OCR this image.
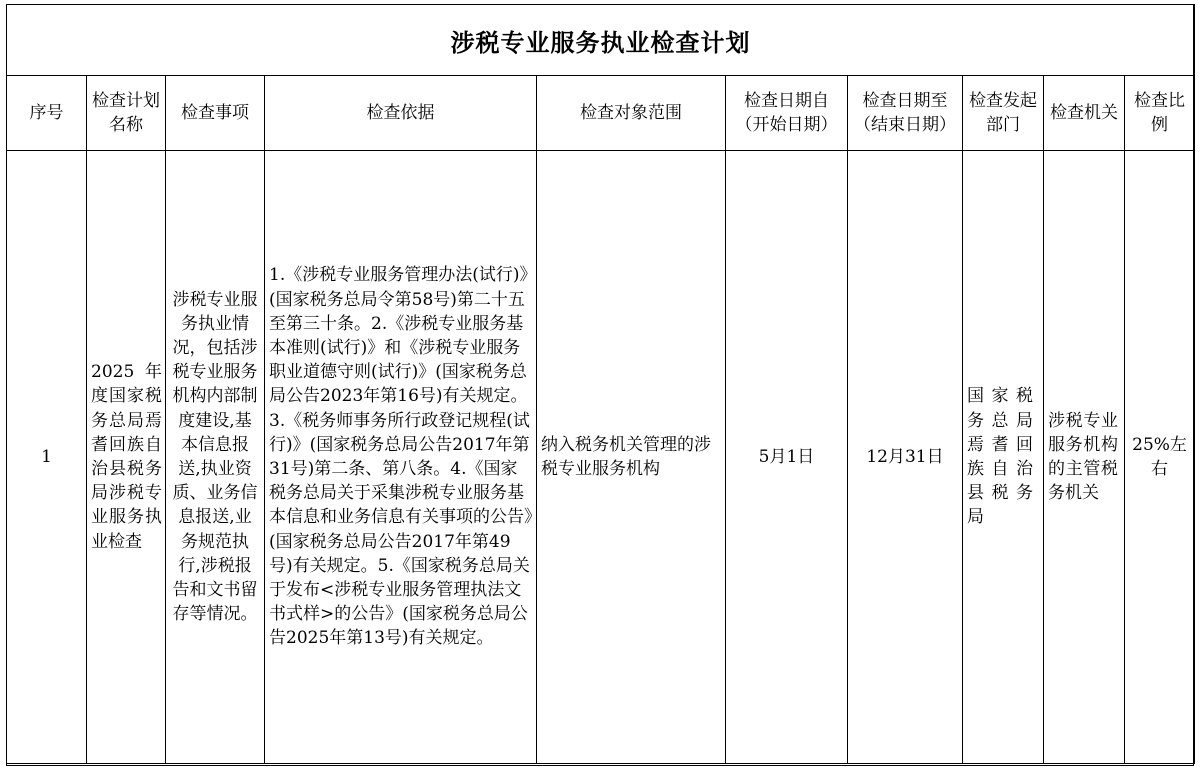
涉税专业服务执业检查计划									
序号	检查计划名称	检查事项	检查依据	检查对象范围	检查日期自（开始日期）	检查日期至（结束日期）	检查发起部门	检查机关	检查比例
1	2025年度国家税务总局焉耆回族自治县税务局涉税专业服务执业检查	涉税专业服务执业情况，包括涉税专业服务机构内部制度建设,基本信息报送,执业资质、业务信息报送,业务规范执行,涉税报告和文书留存等情况。	1.《涉税专业服务管理办法(试行)》(国家税务总局令第58号)第二十五至第三十条。2.《涉税专业服务基本准则(试行)》和《涉税专业服务职业道德守则(试行)》(国家税务总局公告2023年第16号)有关规定。3.《税务师事务所行政登记规程(试行)》(国家税务总局公告2017年第31号)第二条、第八条。4.《国家税务总局关于采集涉税专业服务基本信息和业务信息有关事项的公告》(国家税务总局公告2017年第49号)有关规定。5.《国家税务总局关于发布<涉税专业服务管理执法文书式样>的公告》(国家税务总局公告2025年第13号)有关规定。	纳入税务机关管理的涉税专业服务机构	5月1日	12月31日	国家税务总局焉耆回族自治县税务局	涉税专业服务机构的主管税务机关	25%左右
